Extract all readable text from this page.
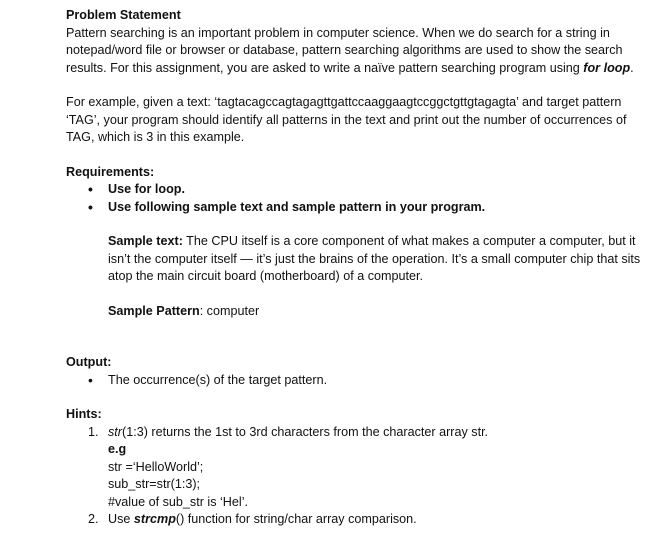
Problem Statement

Pattern searching is an important problem in computer science. When we do search for a string in notepad/word file or browser or database, pattern searching algorithms are used to show the search results. For this assignment, you are asked to write a naïve pattern searching program using for loop.

For example, given a text: ‘tagtacagccagtagagttgattccaaggaagtccggctgttgtagagta’ and target pattern ‘TAG’, your program should identify all patterns in the text and print out the number of occurrences of TAG, which is 3 in this example.

Requirements:

• Use for loop.
• Use following sample text and sample pattern in your program.

Sample text: The CPU itself is a core component of what makes a computer a computer, but it isn’t the computer itself — it’s just the brains of the operation. It’s a small computer chip that sits atop the main circuit board (motherboard) of a computer.

Sample Pattern: computer

Output:

• The occurrence(s) of the target pattern.

Hints:

1. str(1:3) returns the 1st to 3rd characters from the character array str.
e.g
str =‘HelloWorld’;
sub_str=str(1:3);
#value of sub_str is ‘Hel’.
2. Use strcmp() function for string/char array comparison.
